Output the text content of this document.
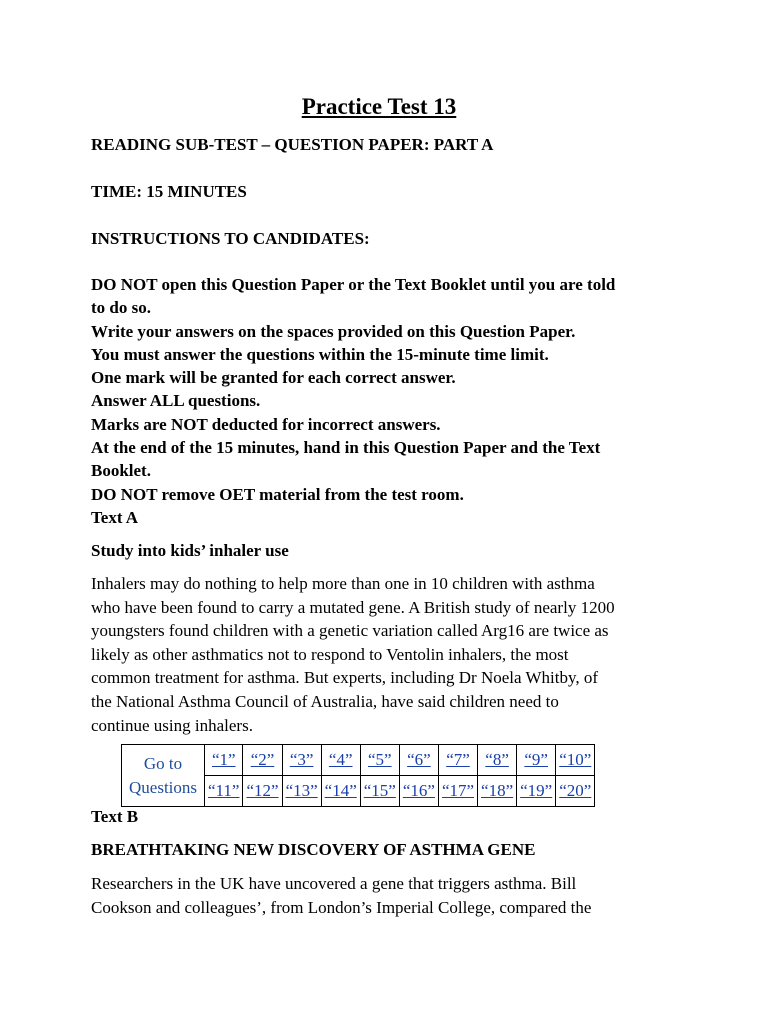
Practice Test 13
READING SUB-TEST – QUESTION PAPER: PART A
TIME: 15 MINUTES
INSTRUCTIONS TO CANDIDATES:
DO NOT open this Question Paper or the Text Booklet until you are told
to do so.
Write your answers on the spaces provided on this Question Paper.
You must answer the questions within the 15-minute time limit.
One mark will be granted for each correct answer.
Answer ALL questions.
Marks are NOT deducted for incorrect answers.
At the end of the 15 minutes, hand in this Question Paper and the Text
Booklet.
DO NOT remove OET material from the test room.
Text A
Study into kids’ inhaler use
Inhalers may do nothing to help more than one in 10 children with asthma
who have been found to carry a mutated gene. A British study of nearly 1200
youngsters found children with a genetic variation called Arg16 are twice as
likely as other asthmatics not to respond to Ventolin inhalers, the most
common treatment for asthma. But experts, including Dr Noela Whitby, of
the National Asthma Council of Australia, have said children need to
continue using inhalers.
Go to
Questions	“1”	“2”	“3”	“4”	“5”	“6”	“7”	“8”	“9”	“10”
	“11”	“12”	“13”	“14”	“15”	“16”	“17”	“18”	“19”	“20”
Text B
BREATHTAKING NEW DISCOVERY OF ASTHMA GENE
Researchers in the UK have uncovered a gene that triggers asthma. Bill
Cookson and colleagues’, from London’s Imperial College, compared the
